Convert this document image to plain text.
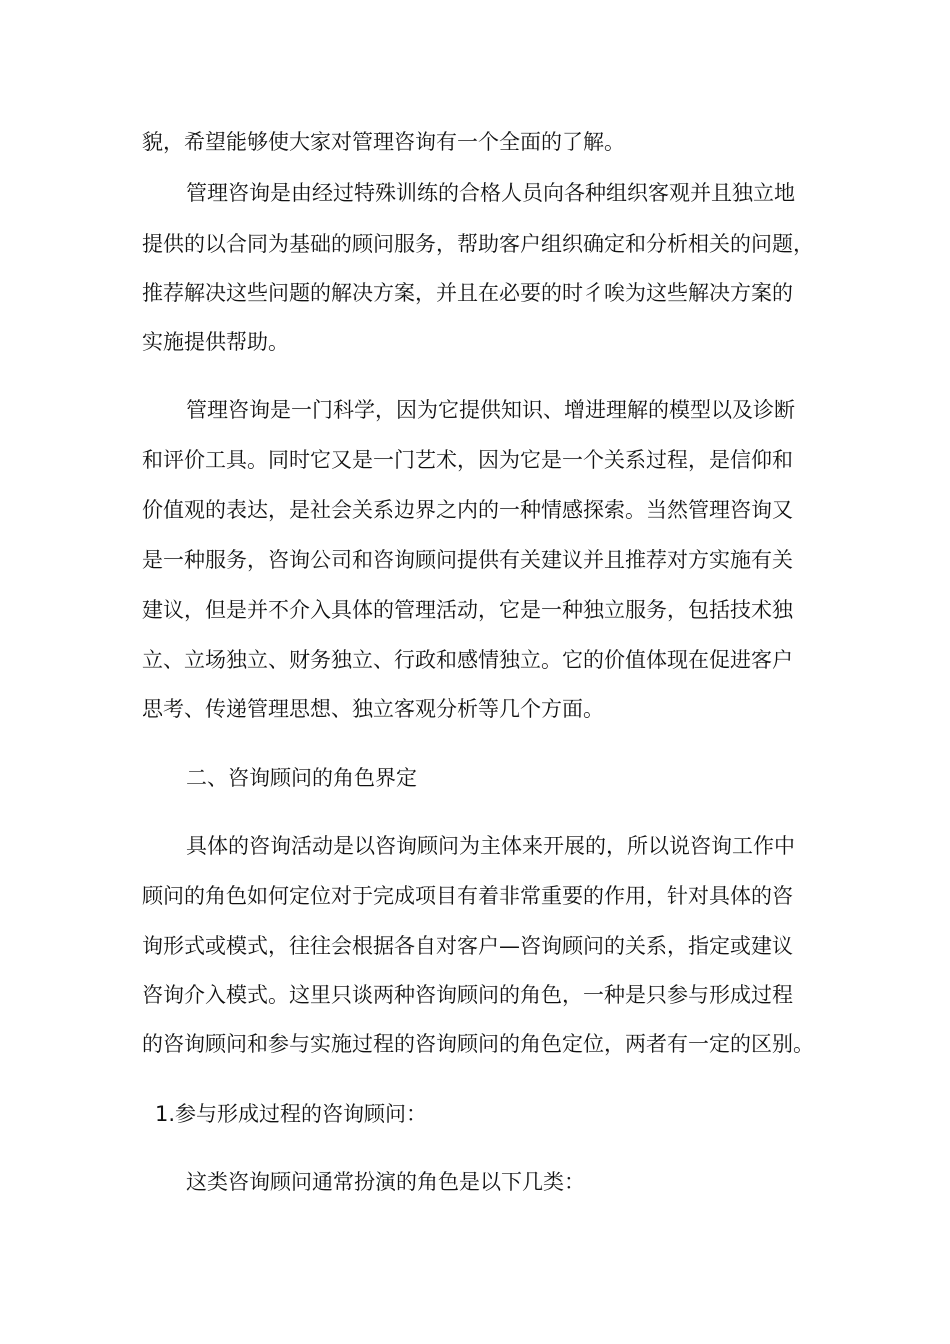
貌，希望能够使大家对管理咨询有一个全面的了解。
管理咨询是由经过特殊训练的合格人员向各种组织客观并且独立地
提供的以合同为基础的顾问服务，帮助客户组织确定和分析相关的问题，
推荐解决这些问题的解决方案，并且在必要的时彳唉为这些解决方案的
实施提供帮助。
管理咨询是一门科学，因为它提供知识、增进理解的模型以及诊断
和评价工具。同时它又是一门艺术，因为它是一个关系过程，是信仰和
价值观的表达，是社会关系边界之内的一种情感探索。当然管理咨询又
是一种服务，咨询公司和咨询顾问提供有关建议并且推荐对方实施有关
建议，但是并不介入具体的管理活动，它是一种独立服务，包括技术独
立、立场独立、财务独立、行政和感情独立。它的价值体现在促进客户
思考、传递管理思想、独立客观分析等几个方面。
二、咨询顾问的角色界定
具体的咨询活动是以咨询顾问为主体来开展的，所以说咨询工作中
顾问的角色如何定位对于完成项目有着非常重要的作用，针对具体的咨
询形式或模式，往往会根据各自对客户—咨询顾问的关系，指定或建议
咨询介入模式。这里只谈两种咨询顾问的角色，一种是只参与形成过程
的咨询顾问和参与实施过程的咨询顾问的角色定位，两者有一定的区别。
1.参与形成过程的咨询顾问：
这类咨询顾问通常扮演的角色是以下几类：
